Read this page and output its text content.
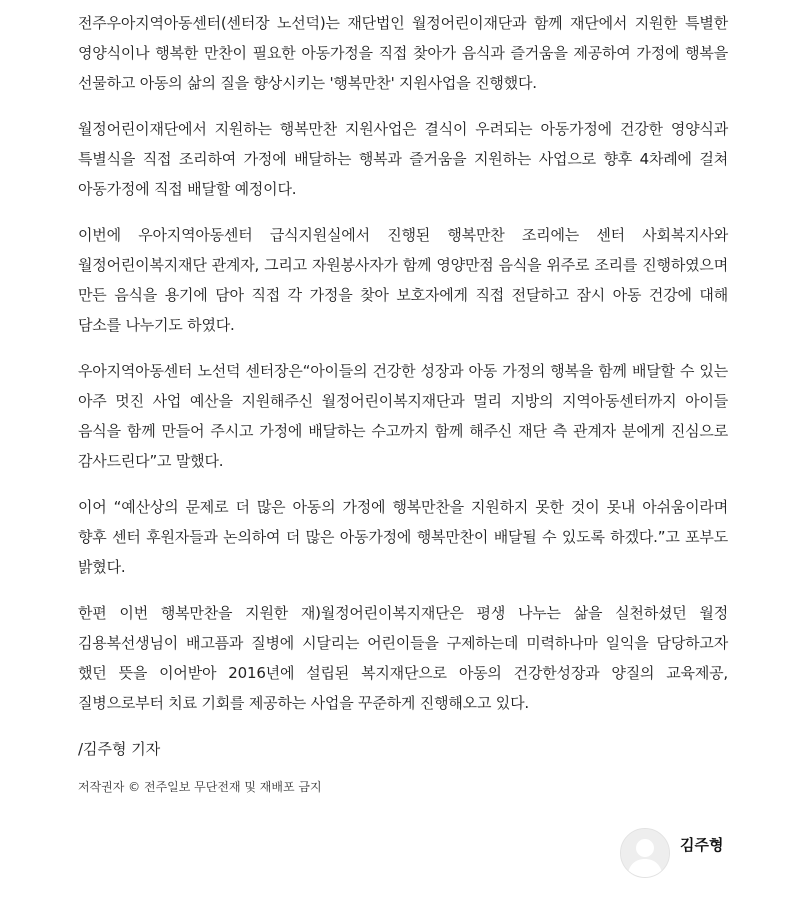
전주우아지역아동센터(센터장 노선덕)는 재단법인 월정어린이재단과 함께 재단에서 지원한 특별한 영양식이나 행복한 만찬이 필요한 아동가정을 직접 찾아가 음식과 즐거움을 제공하여 가정에 행복을 선물하고 아동의 삶의 질을 향상시키는 '행복만찬' 지원사업을 진행했다.

월정어린이재단에서 지원하는 행복만찬 지원사업은 결식이 우려되는 아동가정에 건강한 영양식과 특별식을 직접 조리하여 가정에 배달하는 행복과 즐거움을 지원하는 사업으로 향후 4차례에 걸쳐 아동가정에 직접 배달할 예정이다.

이번에 우아지역아동센터 급식지원실에서 진행된 행복만찬 조리에는 센터 사회복지사와 월정어린이복지재단 관계자, 그리고 자원봉사자가 함께 영양만점 음식을 위주로 조리를 진행하였으며 만든 음식을 용기에 담아 직접 각 가정을 찾아 보호자에게 직접 전달하고 잠시 아동 건강에 대해 담소를 나누기도 하였다.

우아지역아동센터 노선덕 센터장은“아이들의 건강한 성장과 아동 가정의 행복을 함께 배달할 수 있는 아주 멋진 사업 예산을 지원해주신 월정어린이복지재단과 멀리 지방의 지역아동센터까지 아이들 음식을 함께 만들어 주시고 가정에 배달하는 수고까지 함께 해주신 재단 측 관계자 분에게 진심으로 감사드린다”고 말했다.

이어 “예산상의 문제로 더 많은 아동의 가정에 행복만찬을 지원하지 못한 것이 못내 아쉬움이라며 향후 센터 후원자들과 논의하여 더 많은 아동가정에 행복만찬이 배달될 수 있도록 하겠다.”고 포부도 밝혔다.

한편 이번 행복만찬을 지원한 재)월정어린이복지재단은 평생 나누는 삶을 실천하셨던 월정 김용복선생님이 배고픔과 질병에 시달리는 어린이들을 구제하는데 미력하나마 일익을 담당하고자 했던 뜻을 이어받아 2016년에 설립된 복지재단으로 아동의 건강한성장과 양질의 교육제공, 질병으로부터 치료 기회를 제공하는 사업을 꾸준하게 진행해오고 있다.

/김주형 기자

저작권자 © 전주일보 무단전재 및 재배포 금지

김주형
